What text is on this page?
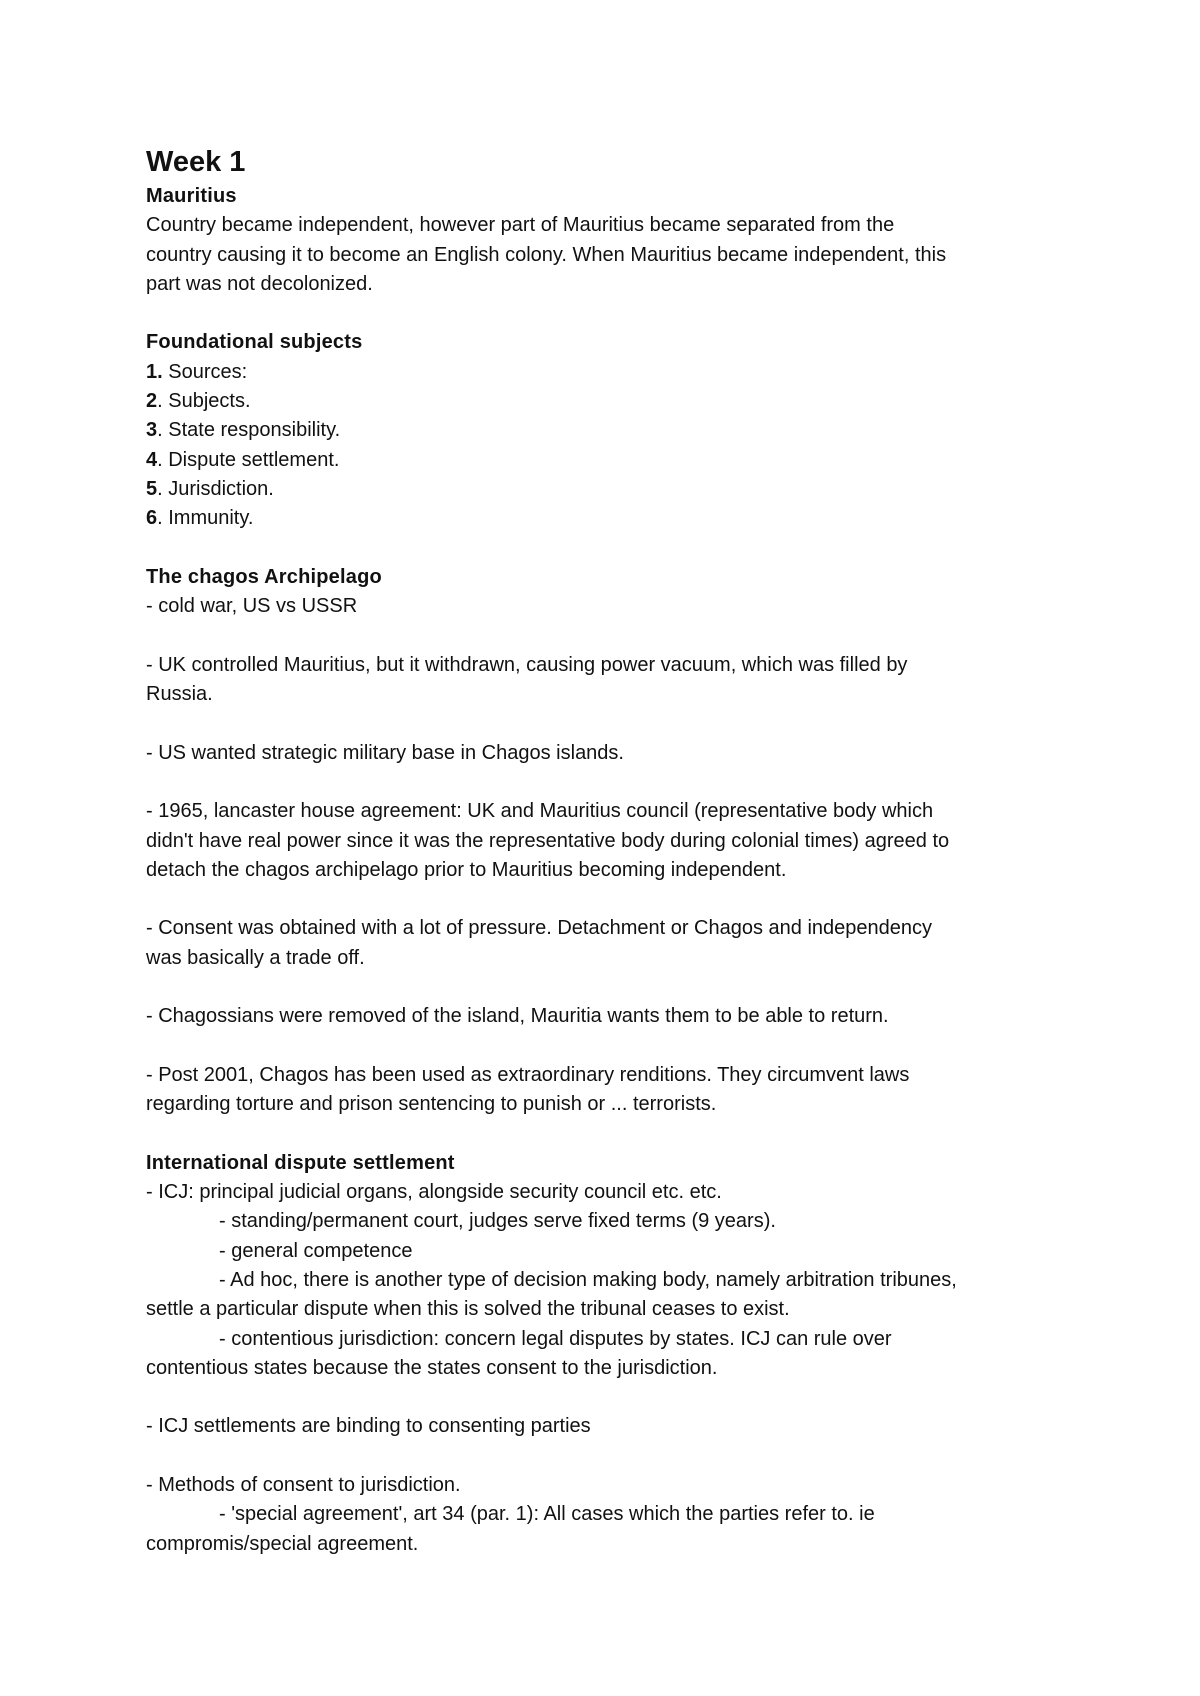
Week 1
Mauritius
Country became independent, however part of Mauritius became separated from the
country causing it to become an English colony. When Mauritius became independent, this
part was not decolonized.
Foundational subjects
1. Sources:
2. Subjects.
3. State responsibility.
4. Dispute settlement.
5. Jurisdiction.
6. Immunity.
The chagos Archipelago
- cold war, US vs USSR
- UK controlled Mauritius, but it withdrawn, causing power vacuum, which was filled by
Russia.
- US wanted strategic military base in Chagos islands.
- 1965, lancaster house agreement: UK and Mauritius council (representative body which
didn't have real power since it was the representative body during colonial times) agreed to
detach the chagos archipelago prior to Mauritius becoming independent.
- Consent was obtained with a lot of pressure. Detachment or Chagos and independency
was basically a trade off.
- Chagossians were removed of the island, Mauritia wants them to be able to return.
- Post 2001, Chagos has been used as extraordinary renditions. They circumvent laws
regarding torture and prison sentencing to punish or ... terrorists.
International dispute settlement
- ICJ: principal judicial organs, alongside security council etc. etc.
- standing/permanent court, judges serve fixed terms (9 years).
- general competence
- Ad hoc, there is another type of decision making body, namely arbitration tribunes,
settle a particular dispute when this is solved the tribunal ceases to exist.
- contentious jurisdiction: concern legal disputes by states. ICJ can rule over
contentious states because the states consent to the jurisdiction.
- ICJ settlements are binding to consenting parties
- Methods of consent to jurisdiction.
- 'special agreement', art 34 (par. 1): All cases which the parties refer to. ie
compromis/special agreement.
